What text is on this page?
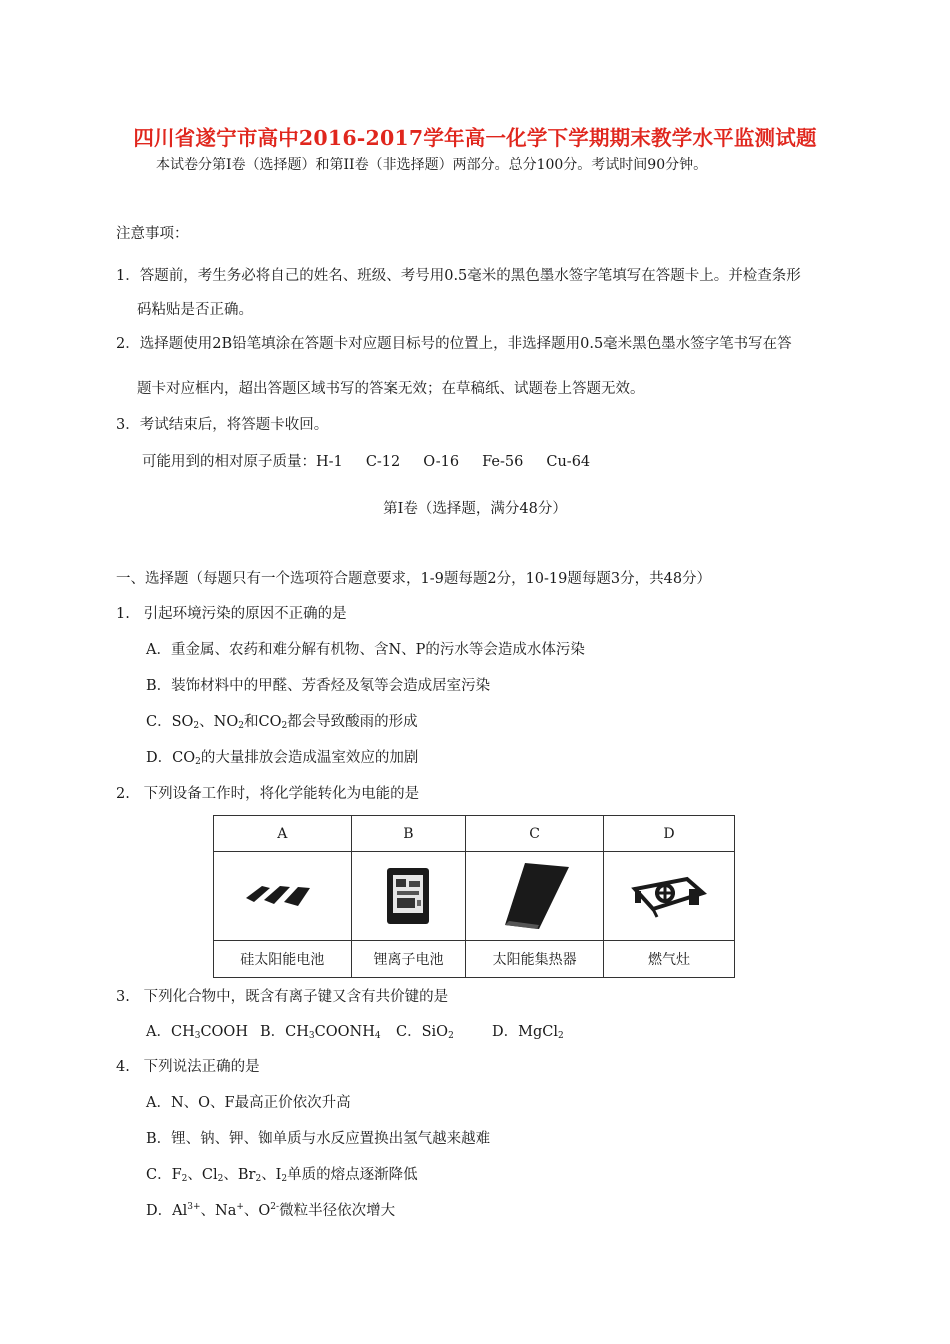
四川省遂宁市高中2016-2017学年高一化学下学期期末教学水平监测试题
本试卷分第Ⅰ卷（选择题）和第II卷（非选择题）两部分。总分100分。考试时间90分钟。
注意事项：
1．答题前，考生务必将自己的姓名、班级、考号用0.5毫米的黑色墨水签字笔填写在答题卡上。并检查条形
码粘贴是否正确。
2．选择题使用2B铅笔填涂在答题卡对应题目标号的位置上，非选择题用0.5毫米黑色墨水签字笔书写在答
题卡对应框内，超出答题区域书写的答案无效；在草稿纸、试题卷上答题无效。
3．考试结束后，将答题卡收回。
可能用到的相对原子质量：H-1     C-12     O-16     Fe-56     Cu-64
第Ⅰ卷（选择题，满分48分）
一、选择题（每题只有一个选项符合题意要求，1-9题每题2分，10-19题每题3分，共48分）
1.   引起环境污染的原因不正确的是
A．重金属、农药和难分解有机物、含N、P的污水等会造成水体污染
B．装饰材料中的甲醛、芳香烃及氡等会造成居室污染
C．$SO_2$、$NO_2$和$CO_2$都会导致酸雨的形成
D．$CO_2$的大量排放会造成温室效应的加剧
2.   下列设备工作时，将化学能转化为电能的是
A	B	C	D

硅太阳能电池	锂离子电池	太阳能集热器	燃气灶
3.   下列化合物中，既含有离子键又含有共价键的是
A．$CH_3COOH$ B．$CH_3COONH_4$ C．SiO$_2$	D．MgCl$_2$
4.   下列说法正确的是
A．N、O、F最高正价依次升高
B．锂、钠、钾、铷单质与水反应置换出氢气越来越难
C．$F_2$、$Cl_2$、$Br_2$、$I_2$单质的熔点逐渐降低
D．$Al^{3+}$、Na+、$O^{2-}$微粒半径依次增大
